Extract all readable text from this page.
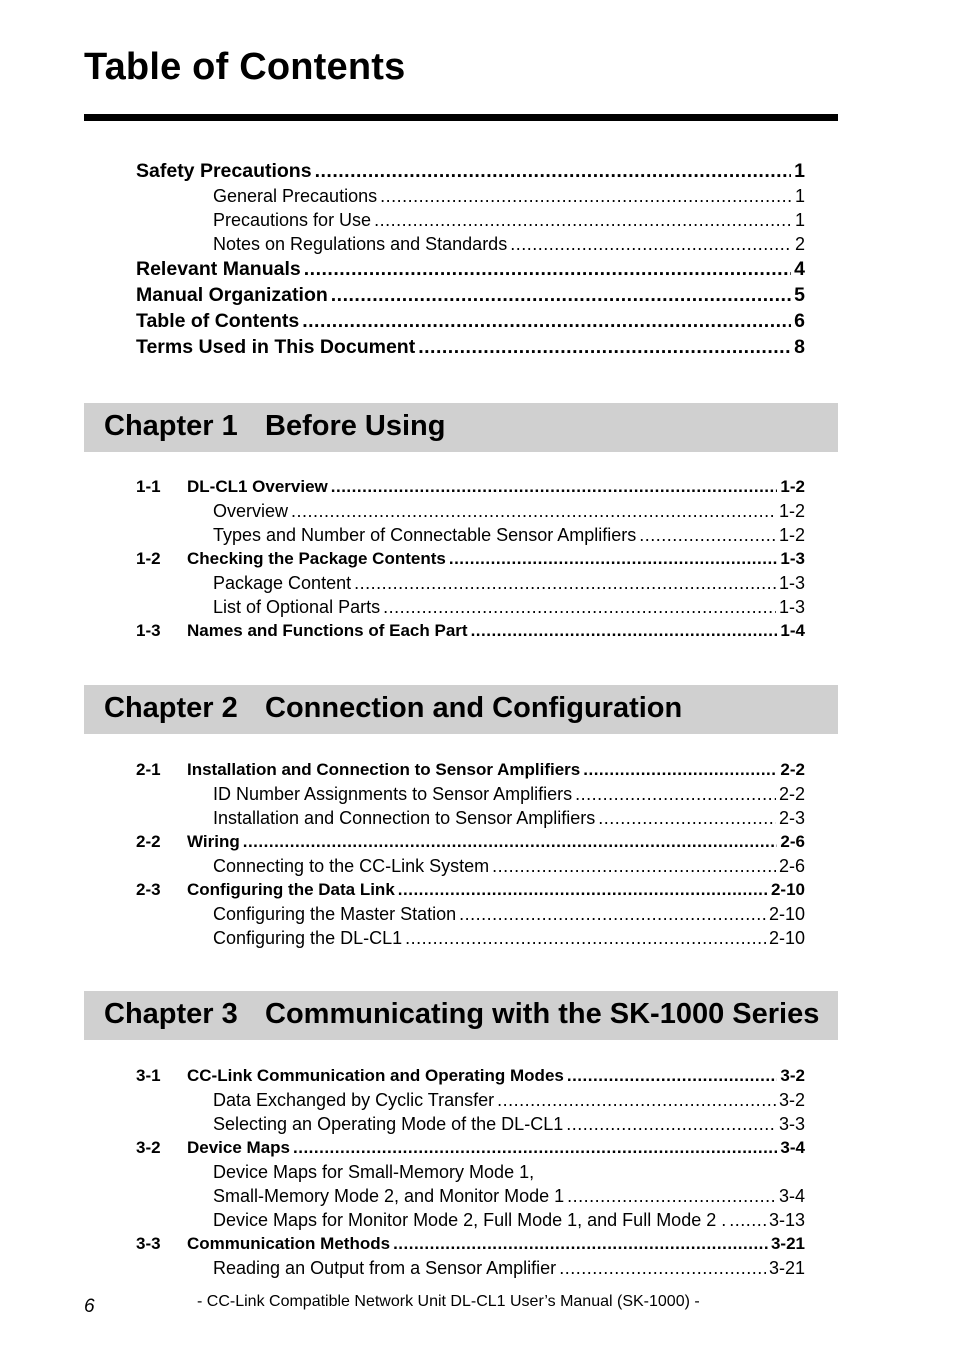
Table of Contents
Safety Precautions .....	1
General Precautions .....	1
Precautions for Use .....	1
Notes on Regulations and Standards .....	2
Relevant Manuals .....	4
Manual Organization .....	5
Table of Contents .....	6
Terms Used in This Document .....	8
Chapter 1 Before Using
1-1 DL-CL1 Overview .....	1-2
Overview .....	1-2
Types and Number of Connectable Sensor Amplifiers .....	1-2
1-2 Checking the Package Contents .....	1-3
Package Content .....	1-3
List of Optional Parts .....	1-3
1-3 Names and Functions of Each Part .....	1-4
Chapter 2 Connection and Configuration
2-1 Installation and Connection to Sensor Amplifiers .....	2-2
ID Number Assignments to Sensor Amplifiers .....	2-2
Installation and Connection to Sensor Amplifiers .....	2-3
2-2 Wiring .....	2-6
Connecting to the CC-Link System .....	2-6
2-3 Configuring the Data Link .....	2-10
Configuring the Master Station .....	2-10
Configuring the DL-CL1 .....	2-10
Chapter 3 Communicating with the SK-1000 Series
3-1 CC-Link Communication and Operating Modes .....	3-2
Data Exchanged by Cyclic Transfer .....	3-2
Selecting an Operating Mode of the DL-CL1 .....	3-3
3-2 Device Maps .....	3-4
Device Maps for Small-Memory Mode 1,
Small-Memory Mode 2, and Monitor Mode 1 .....	3-4
Device Maps for Monitor Mode 2, Full Mode 1, and Full Mode 2 . ..... 3-13
3-3 Communication Methods .....	3-21
Reading an Output from a Sensor Amplifier .....	3-21
6	- CC-Link Compatible Network Unit DL-CL1 User’s Manual (SK-1000) -
